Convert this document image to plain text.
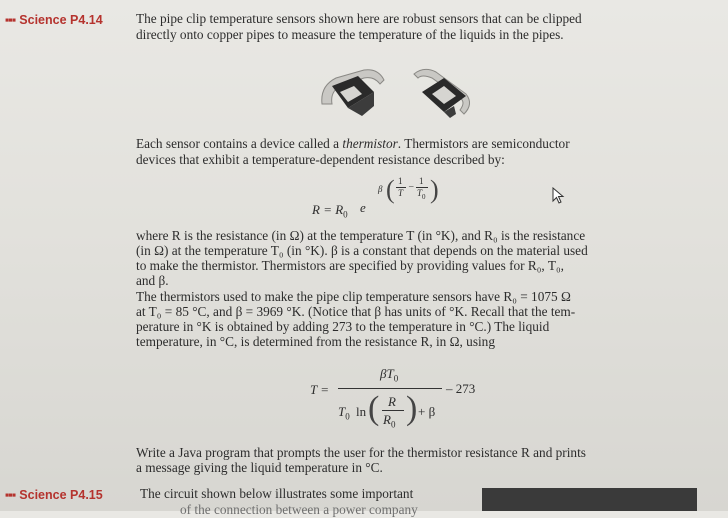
▪▪▪ Science P4.14	The pipe clip temperature sensors shown here are robust sensors that can be clipped
directly onto copper pipes to measure the temperature of the liquids in the pipes.
Each sensor contains a device called a thermistor. Thermistors are semiconductor
devices that exhibit a temperature-dependent resistance described by:
$R = R_0$ e
β ( 1
T
– 1
$T_0$ )
where R is the resistance (in Ω) at the temperature T (in °K), and R₀ is the resistance
(in Ω) at the temperature T₀ (in °K). β is a constant that depends on the material used
to make the thermistor. Thermistors are specified by providing values for R₀, T₀,
and β.
The thermistors used to make the pipe clip temperature sensors have R₀ = 1075 Ω
at T₀ = 85 °C, and β = 3969 °K. (Notice that β has units of °K. Recall that the tem-
perature in °K is obtained by adding 273 to the temperature in °C.) The liquid
temperature, in °C, is determined from the resistance R, in Ω, using
T =
$\beta T_0$
– 273
$T_0$ ln ( R
$R_0$ ) + β
Write a Java program that prompts the user for the thermistor resistance R and prints
a message giving the liquid temperature in °C.
▪▪▪ Science P4.15	The circuit shown below illustrates some important
of the connection between a power company
